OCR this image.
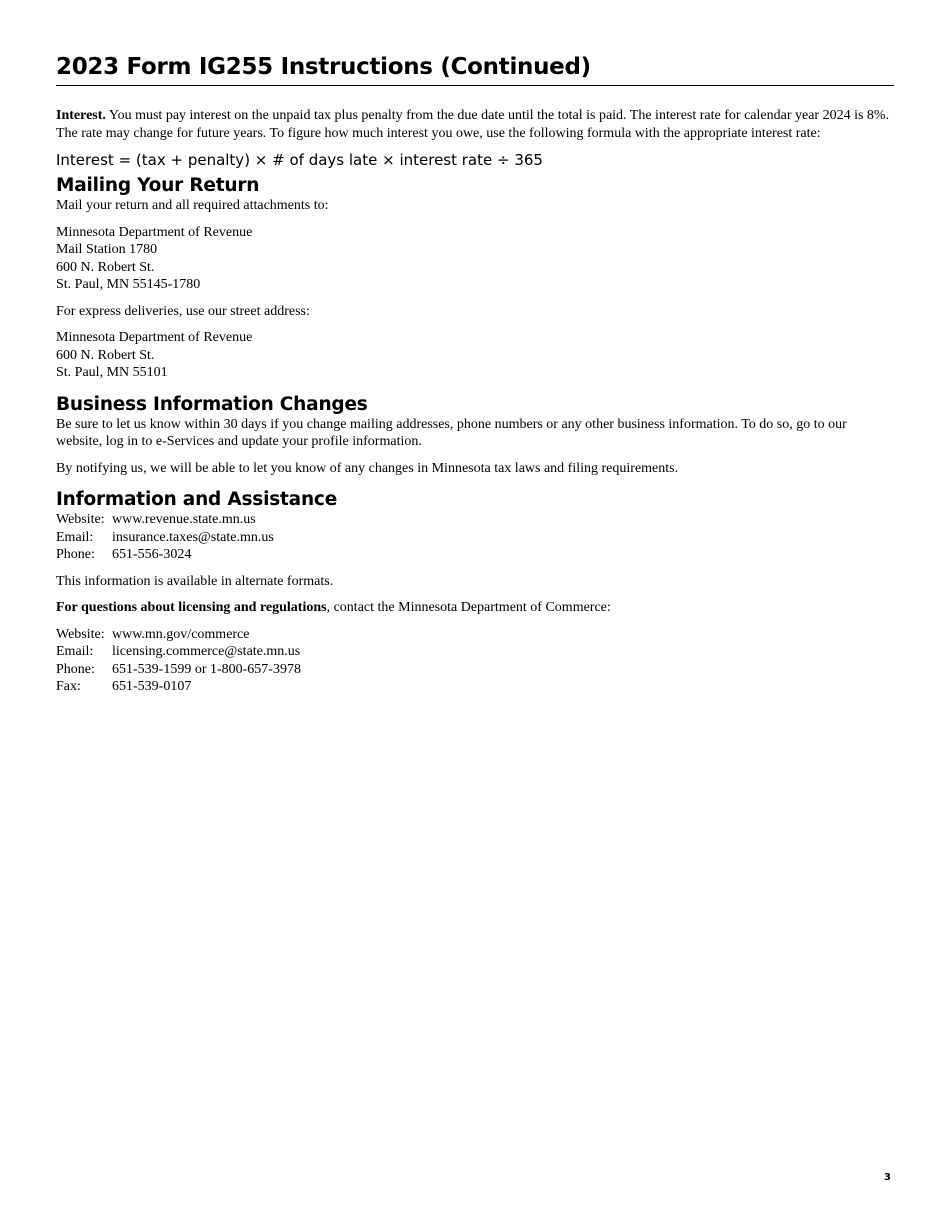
2023 Form IG255 Instructions (Continued)

Interest. You must pay interest on the unpaid tax plus penalty from the due date until the total is paid. The interest rate for calendar year 2024 is 8%. The rate may change for future years. To figure how much interest you owe, use the following formula with the appropriate interest rate:

Interest = (tax + penalty) × # of days late × interest rate ÷ 365

Mailing Your Return

Mail your return and all required attachments to:

Minnesota Department of Revenue
Mail Station 1780
600 N. Robert St.
St. Paul, MN 55145-1780

For express deliveries, use our street address:

Minnesota Department of Revenue
600 N. Robert St.
St. Paul, MN 55101

Business Information Changes

Be sure to let us know within 30 days if you change mailing addresses, phone numbers or any other business information. To do so, go to our website, log in to e-Services and update your profile information.

By notifying us, we will be able to let you know of any changes in Minnesota tax laws and filing requirements.

Information and Assistance
Website: www.revenue.state.mn.us
Email:	insurance.taxes@state.mn.us
Phone:	651-556-3024

This information is available in alternate formats.

For questions about licensing and regulations, contact the Minnesota Department of Commerce:

Website: www.mn.gov/commerce
Email:	licensing.commerce@state.mn.us
Phone:	651-539-1599 or 1-800-657-3978
Fax:	651-539-0107
3
